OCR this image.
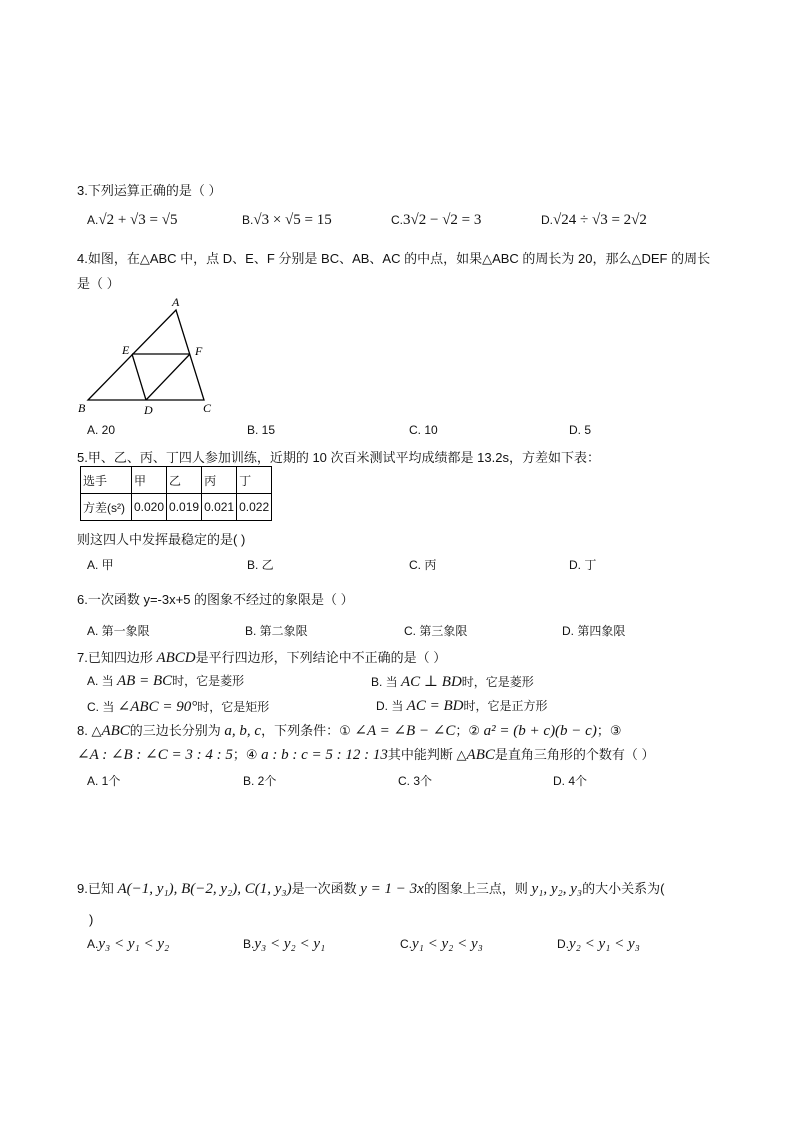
3.下列运算正确的是（ ）
A.√2 + √3 = √5	B.√3 × √5 = 15	C.3√2 − √2 = 3	D.√24 ÷ √3 = 2√2
4.如图，在△ABC 中，点 D、E、F 分别是 BC、AB、AC 的中点，如果△ABC 的周长为 20，那么△DEF 的周长
是（ ）
A
E	F
B	D	C
A. 20	B. 15	C. 10	D. 5
5.甲、乙、丙、丁四人参加训练，近期的 10 次百米测试平均成绩都是 13.2s，方差如下表：
选手	甲	乙	丙	丁
方差(s²)	0.020	0.019	0.021	0.022
则这四人中发挥最稳定的是( )
A. 甲	B. 乙	C. 丙	D. 丁
6.一次函数 y=-3x+5 的图象不经过的象限是（ ）
A. 第一象限	B. 第二象限	C. 第三象限	D. 第四象限
7.已知四边形 ABCD是平行四边形，下列结论中不正确的是（ ）
A. 当 AB = BC时，它是菱形	B. 当 AC ⊥ BD时，它是菱形
C. 当 ∠ABC = 90°时，它是矩形	D. 当 AC = BD时，它是正方形
8. △ABC的三边长分别为 a, b, c，下列条件：① ∠A = ∠B − ∠C；② a² = (b + c)(b − c)；③
∠A : ∠B : ∠C = 3 : 4 : 5；④ a : b : c = 5 : 12 : 13其中能判断 △ABC是直角三角形的个数有（ ）
A. 1个	B. 2个	C. 3个	D. 4个
9.已知 A(−1, y₁), B(−2, y₂), C(1, y₃)是一次函数 y = 1 − 3x的图象上三点，则 y₁, y₂, y₃的大小关系为(
)
A.y₃ < y₁ < y₂	B.y₃ < y₂ < y₁	C.y₁ < y₂ < y₃	D.y₂ < y₁ < y₃
